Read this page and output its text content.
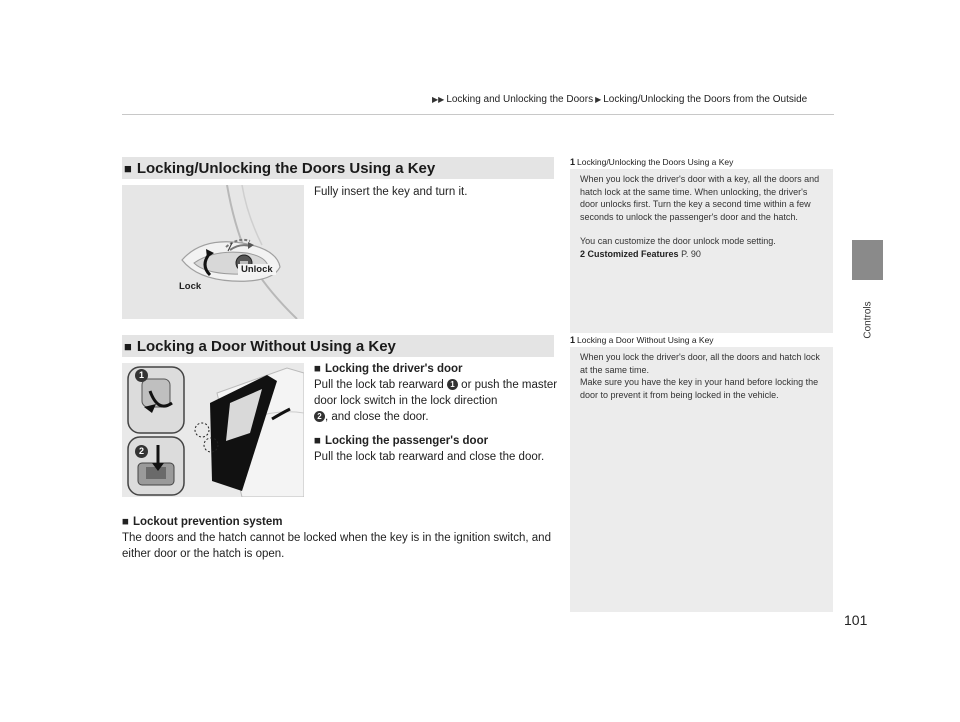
▶▶ Locking and Unlocking the Doors ▶ Locking/Unlocking the Doors from the Outside
Controls
■ Locking/Unlocking the Doors Using a Key
Unlock
Lock
Fully insert the key and turn it.
■ Locking a Door Without Using a Key
1
2
■ Locking the driver's door
Pull the lock tab rearward 1 or push the master door lock switch in the lock direction
2 , and close the door.
■ Locking the passenger's door
Pull the lock tab rearward and close the door.
■ Lockout prevention system
The doors and the hatch cannot be locked when the key is in the ignition switch, and either door or the hatch is open.
1 Locking/Unlocking the Doors Using a Key

When you lock the driver's door with a key, all the doors and hatch lock at the same time. When unlocking, the driver's door unlocks first. Turn the key a second time within a few seconds to unlock the passenger's door and the hatch.

You can customize the door unlock mode setting.

2 Customized Features P. 90

1 Locking a Door Without Using a Key

When you lock the driver's door, all the doors and hatch lock at the same time.

Make sure you have the key in your hand before locking the door to prevent it from being locked in the vehicle.

101
